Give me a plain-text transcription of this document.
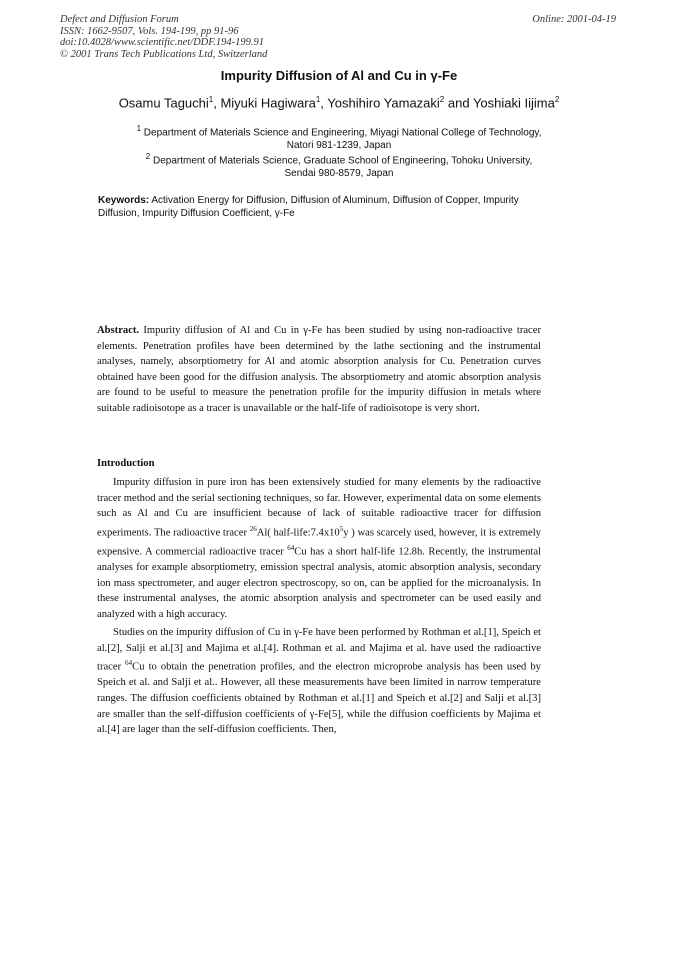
Defect and Diffusion Forum
ISSN: 1662-9507, Vols. 194-199, pp 91-96
doi:10.4028/www.scientific.net/DDF.194-199.91
© 2001 Trans Tech Publications Ltd, Switzerland
Online: 2001-04-19
Impurity Diffusion of Al and Cu in γ-Fe
Osamu Taguchi$^1$, Miyuki Hagiwara$^1$, Yoshihiro Yamazaki$^2$ and Yoshiaki Iijima$^2$
$^1$ Department of Materials Science and Engineering, Miyagi National College of Technology,
Natori 981-1239, Japan
$^2$ Department of Materials Science, Graduate School of Engineering, Tohoku University,
Sendai 980-8579, Japan
Keywords: Activation Energy for Diffusion, Diffusion of Aluminum, Diffusion of Copper, Impurity Diffusion, Impurity Diffusion Coefficient, γ-Fe
Abstract. Impurity diffusion of Al and Cu in γ-Fe has been studied by using non-radioactive tracer elements. Penetration profiles have been determined by the lathe sectioning and the instrumental analyses, namely, absorptiometry for Al and atomic absorption analysis for Cu. Penetration curves obtained have been good for the diffusion analysis. The absorptiometry and atomic absorption analysis are found to be useful to measure the penetration profile for the impurity diffusion in metals where suitable radioisotope as a tracer is unavailable or the half-life of radioisotope is very short.
Introduction
Impurity diffusion in pure iron has been extensively studied for many elements by the radioactive tracer method and the serial sectioning techniques, so far. However, experimental data on some elements such as Al and Cu are insufficient because of lack of suitable radioactive tracer for diffusion experiments. The radioactive tracer $^{26}$Al( half-$life:7.4x10^5y$ ) was scarcely used, however, it is extremely expensive. A commercial radioactive tracer $^{64}$Cu has a short half-life 12.8h. Recently, the instrumental analyses for example absorptiometry, emission spectral analysis, atomic absorption analysis, secondary ion mass spectrometer, and auger electron spectroscopy, so on, can be applied for the microanalysis. In these instrumental analyses, the atomic absorption analysis and spectrometer can be used easily and analyzed with a high accuracy.
Studies on the impurity diffusion of Cu in γ-Fe have been performed by Rothman et al.[1], Speich et al.[2], Salji et al.[3] and Majima et al.[4]. Rothman et al. and Majima et al. have used the radioactive tracer $^{64}$Cu to obtain the penetration profiles, and the electron microprobe analysis has been used by Speich et al. and Salji et al.. However, all these measurements have been limited in narrow temperature ranges. The diffusion coefficients obtained by Rothman et al.[1] and Speich et al.[2] and Salji et al.[3] are smaller than the self-diffusion coefficients of γ-Fe[5], while the diffusion coefficients by Majima et al.[4] are lager than the self-diffusion coefficients. Then,
